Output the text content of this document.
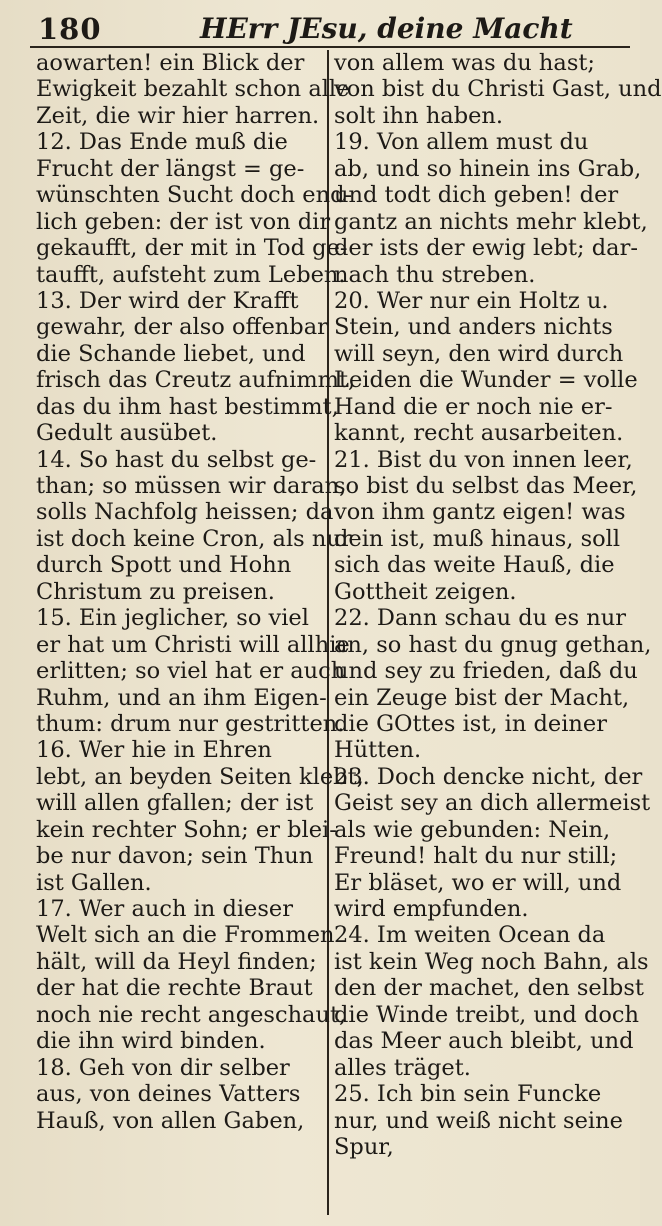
180	HErr JEsu, deine Macht
aowarten! ein Blick der
Ewigkeit bezahlt schon alle
Zeit, die wir hier harren.
12. Das Ende muß die
Frucht der längst = ge-
wünschten Sucht doch end-
lich geben: der ist von dir
gekaufft, der mit in Tod ge-
taufft, aufsteht zum Leben.
13. Der wird der Krafft
gewahr, der also offenbar
die Schande liebet, und
frisch das Creutz aufnimmt,
das du ihm hast bestimmt,
Gedult ausübet.
14. So hast du selbst ge-
than; so müssen wir daran,
solls Nachfolg heissen; da
ist doch keine Cron, als nur
durch Spott und Hohn
Christum zu preisen.
15. Ein jeglicher, so viel
er hat um Christi will allhie
erlitten; so viel hat er auch
Ruhm, und an ihm Eigen-
thum: drum nur gestritten.
16. Wer hie in Ehren
lebt, an beyden Seiten klebt,
will allen gfallen; der ist
kein rechter Sohn; er blei-
be nur davon; sein Thun
ist Gallen.
17. Wer auch in dieser
Welt sich an die Frommen
hält, will da Heyl finden;
der hat die rechte Braut
noch nie recht angeschaut,
die ihn wird binden.
18. Geh von dir selber
aus, von deines Vatters
Hauß, von allen Gaben,
von allem was du hast;
von bist du Christi Gast, und
solt ihn haben.
19. Von allem must du
ab, und so hinein ins Grab,
und todt dich geben! der
gantz an nichts mehr klebt,
der ists der ewig lebt; dar-
nach thu streben.
20. Wer nur ein Holtz u.
Stein, und anders nichts
will seyn, den wird durch
Leiden die Wunder = volle
Hand die er noch nie er-
kannt, recht ausarbeiten.
21. Bist du von innen leer,
so bist du selbst das Meer,
von ihm gantz eigen! was
dein ist, muß hinaus, soll
sich das weite Hauß, die
Gottheit zeigen.
22. Dann schau du es nur
an, so hast du gnug gethan,
und sey zu frieden, daß du
ein Zeuge bist der Macht,
die GOttes ist, in deiner
Hütten.
23. Doch dencke nicht, der
Geist sey an dich allermeist
als wie gebunden: Nein,
Freund! halt du nur still;
Er bläset, wo er will, und
wird empfunden.
24. Im weiten Ocean da
ist kein Weg noch Bahn, als
den der machet, den selbst
die Winde treibt, und doch
das Meer auch bleibt, und
alles träget.
25. Ich bin sein Funcke
nur, und weiß nicht seine
Spur,
